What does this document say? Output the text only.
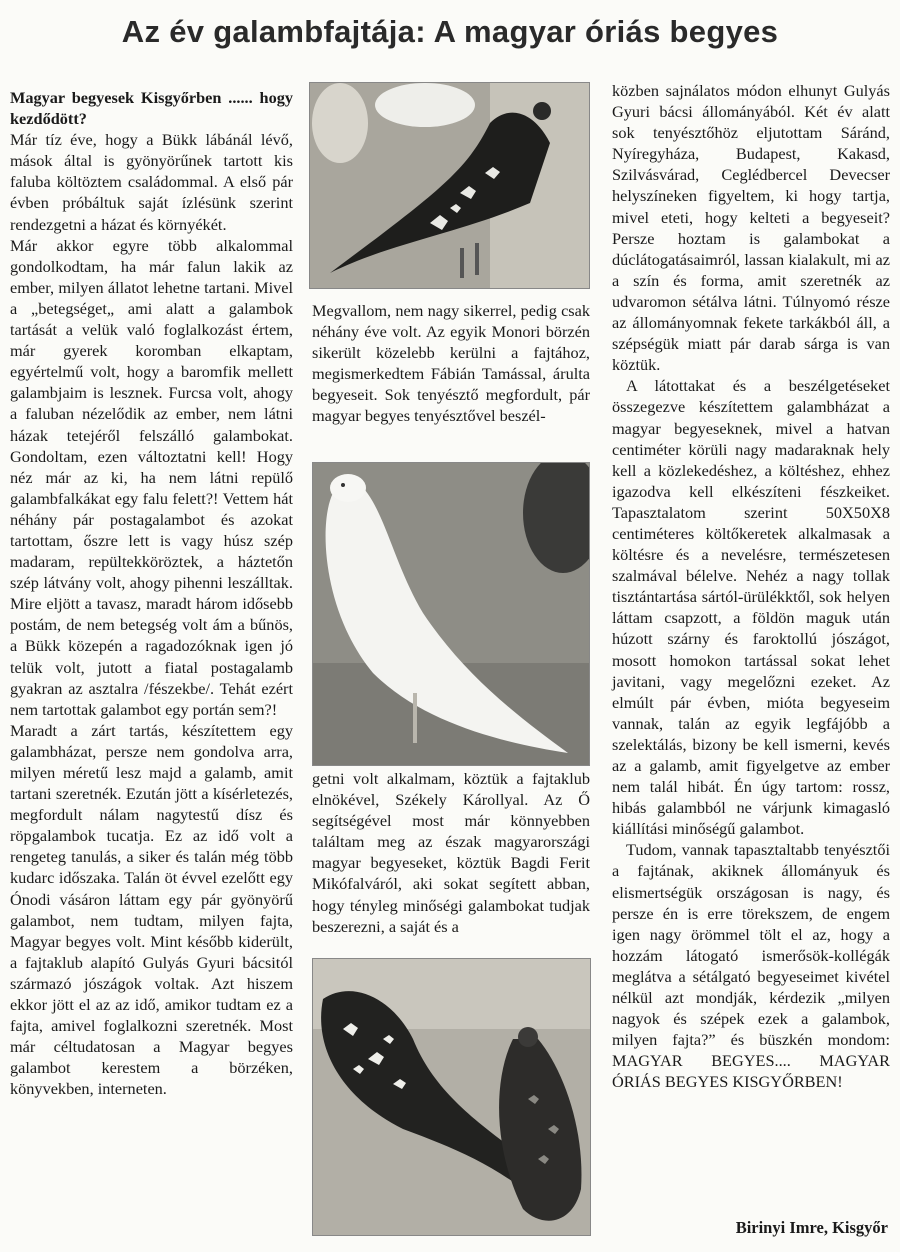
Az év galambfajtája: A magyar óriás begyes

Magyar begyesek Kisgyőrben ...... hogy kezdődött?

Már tíz éve, hogy a Bükk lábánál lévő, mások által is gyönyörűnek tartott kis faluba költöztem családommal. A első pár évben próbáltuk saját ízlésünk szerint rendezgetni a házat és környékét.

Már akkor egyre több alkalommal gondolkodtam, ha már falun lakik az ember, milyen állatot lehetne tartani. Mivel a „betegséget„ ami alatt a galambok tartását a velük való foglalkozást értem, már gyerek koromban elkaptam, egyértelmű volt, hogy a baromfik mellett galambjaim is lesznek. Furcsa volt, ahogy a faluban nézelődik az ember, nem látni házak tetejéről felszálló galambokat. Gondoltam, ezen változtatni kell! Hogy néz már az ki, ha nem látni repülő galambfalkákat egy falu felett?! Vettem hát néhány pár postagalambot és azokat tartottam, őszre lett is vagy húsz szép madaram, repültekköröztek, a háztetőn szép látvány volt, ahogy pihenni leszálltak. Mire eljött a tavasz, maradt három idősebb postám, de nem betegség volt ám a bűnös, a Bükk közepén a ragadozóknak igen jó telük volt, jutott a fiatal postagalamb gyakran az asztalra /fészekbe/. Tehát ezért nem tartottak galambot egy portán sem?!

Maradt a zárt tartás, készítettem egy galambházat, persze nem gondolva arra, milyen méretű lesz majd a galamb, amit tartani szeretnék. Ezután jött a kísérletezés, megfordult nálam nagytestű dísz és röpgalambok tucatja. Ez az idő volt a rengeteg tanulás, a siker és talán még több kudarc időszaka. Talán öt évvel ezelőtt egy Ónodi vásáron láttam egy pár gyönyörű galambot, nem tudtam, milyen fajta, Magyar begyes volt. Mint később kiderült, a fajtaklub alapító Gulyás Gyuri bácsitól származó jószágok voltak. Azt hiszem ekkor jött el az az idő, amikor tudtam ez a fajta, amivel foglalkozni szeretnék. Most már céltudatosan a Magyar begyes galambot kerestem a börzéken, könyvekben, interneten.

Megvallom, nem nagy sikerrel, pedig csak néhány éve volt. Az egyik Monori börzén sikerült közelebb kerülni a fajtához, megismerkedtem Fábián Tamással, árulta begyeseit. Sok tenyésztő megfordult, pár magyar begyes tenyésztővel beszél-

getni volt alkalmam, köztük a fajtaklub elnökével, Székely Károllyal. Az Ő segítségével most már könnyebben találtam meg az észak magyarországi magyar begyeseket, köztük Bagdi Ferit Mikófalváról, aki sokat segített abban, hogy tényleg minőségi galambokat tudjak beszerezni, a saját és a

közben sajnálatos módon elhunyt Gulyás Gyuri bácsi állományából. Két év alatt sok tenyésztőhöz eljutottam Sáránd, Nyíregyháza, Budapest, Kakasd, Szilvásvárad, Ceglédbercel Devecser helyszíneken figyeltem, ki hogy tartja, mivel eteti, hogy kelteti a begyeseit? Persze hoztam is galambokat a dúclátogatásaimról, lassan kialakult, mi az a szín és forma, amit szeretnék az udvaromon sétálva látni. Túlnyomó része az állományomnak fekete tarkákból áll, a szépségük miatt pár darab sárga is van köztük.

A látottakat és a beszélgetéseket összegezve készítettem galambházat a magyar begyeseknek, mivel a hatvan centiméter körüli nagy madaraknak hely kell a közlekedéshez, a költéshez, ehhez igazodva kell elkészíteni fészkeiket. Tapasztalatom szerint 50X50X8 centiméteres költőkeretek alkalmasak a költésre és a nevelésre, természetesen szalmával bélelve. Nehéz a nagy tollak tisztántartása sártól-ürülékktől, sok helyen láttam csapzott, a földön maguk után húzott szárny és faroktollú jószágot, mosott homokon tartással sokat lehet javitani, vagy megelőzni ezeket. Az elmúlt pár évben, mióta begyeseim vannak, talán az egyik legfájóbb a szelektálás, bizony be kell ismerni, kevés az a galamb, amit figyelgetve az ember nem talál hibát. Én úgy tartom: rossz, hibás galambból ne várjunk kimagasló kiállítási minőségű galambot.

Tudom, vannak tapasztaltabb tenyésztői a fajtának, akiknek állományuk és elismertségük országosan is nagy, és persze én is erre törekszem, de engem igen nagy örömmel tölt el az, hogy a hozzám látogató ismerősök-kollégák meglátva a sétálgató begyeseimet kivétel nélkül azt mondják, kérdezik „milyen nagyok és szépek ezek a galambok, milyen fajta?” és büszkén mondom: MAGYAR BEGYES.... MAGYAR ÓRIÁS BEGYES KISGYŐRBEN!

Birinyi Imre, Kisgyőr
